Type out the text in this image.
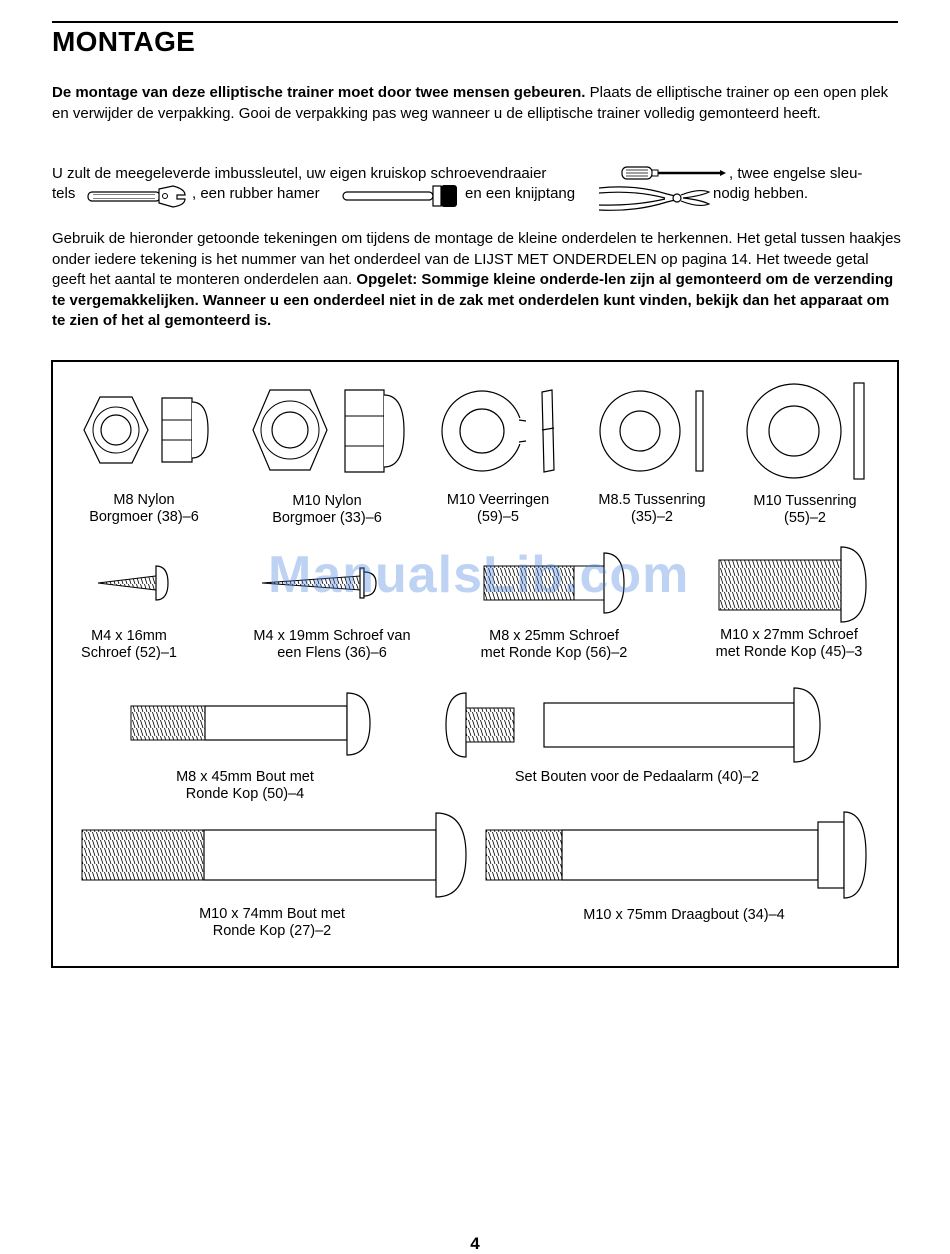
MONTAGE

De montage van deze elliptische trainer moet door twee mensen gebeuren. Plaats de elliptische trainer op een open plek en verwijder de verpakking. Gooi de verpakking pas weg wanneer u de elliptische trainer volledig gemonteerd heeft.

U zult de meegeleverde imbussleutel, uw eigen kruiskop schroevendraaier	, twee engelse sleu-
tels	, een rubber hamer	en een knijptang	nodig hebben.

Gebruik de hieronder getoonde tekeningen om tijdens de montage de kleine onderdelen te herkennen. Het getal tussen haakjes onder iedere tekening is het nummer van het onderdeel van de LIJST MET ONDERDELEN op pagina 14. Het tweede getal geeft het aantal te monteren onderdelen aan. Opgelet: Sommige kleine onderde-len zijn al gemonteerd om de verzending te vergemakkelijken. Wanneer u een onderdeel niet in de zak met onderdelen kunt vinden, bekijk dan het apparaat om te zien of het al gemonteerd is.

M8 Nylon
Borgmoer (38)–6
M10 Nylon
Borgmoer (33)–6
M10 Veerringen
(59)–5
M8.5 Tussenring
(35)–2
M10 Tussenring
(55)–2
M4 x 16mm
Schroef (52)–1
M4 x 19mm Schroef van
een Flens (36)–6
M8 x 25mm Schroef
met Ronde Kop (56)–2
M10 x 27mm Schroef
met Ronde Kop (45)–3
M8 x 45mm Bout met
Ronde Kop (50)–4
Set Bouten voor de Pedaalarm (40)–2
M10 x 74mm Bout met
Ronde Kop (27)–2
M10 x 75mm Draagbout (34)–4
ManualsLib.com
4
